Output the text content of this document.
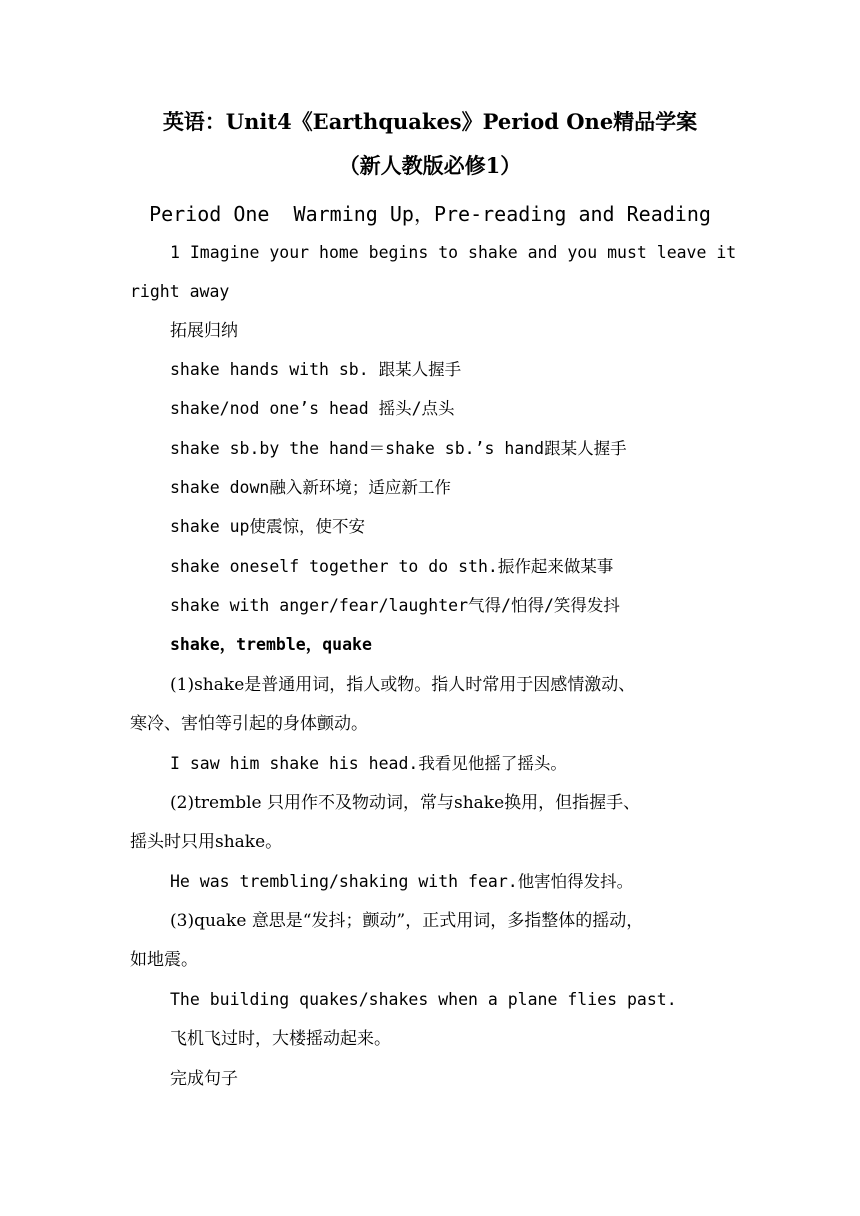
英语：Unit4《Earthquakes》Period One精品学案
（新人教版必修1）
Period One  Warming Up，Pre-reading and Reading
1 Imagine your home begins to shake and you must leave it
right away
拓展归纳
shake hands with sb. 跟某人握手
shake/nod one’s head 摇头/点头
shake sb.by the hand＝shake sb.’s hand跟某人握手
shake down融入新环境；适应新工作
shake up使震惊，使不安
shake oneself together to do sth.振作起来做某事
shake with anger/fear/laughter气得/怕得/笑得发抖
shake，tremble，quake
(1)shake是普通用词，指人或物。指人时常用于因感情激动、
寒冷、害怕等引起的身体颤动。
I saw him shake his head.我看见他摇了摇头。
(2)tremble 只用作不及物动词，常与shake换用，但指握手、
摇头时只用shake。
He was trembling/shaking with fear.他害怕得发抖。
(3)quake 意思是“发抖；颤动”，正式用词，多指整体的摇动，
如地震。
The building quakes/shakes when a plane flies past.
飞机飞过时，大楼摇动起来。
完成句子
